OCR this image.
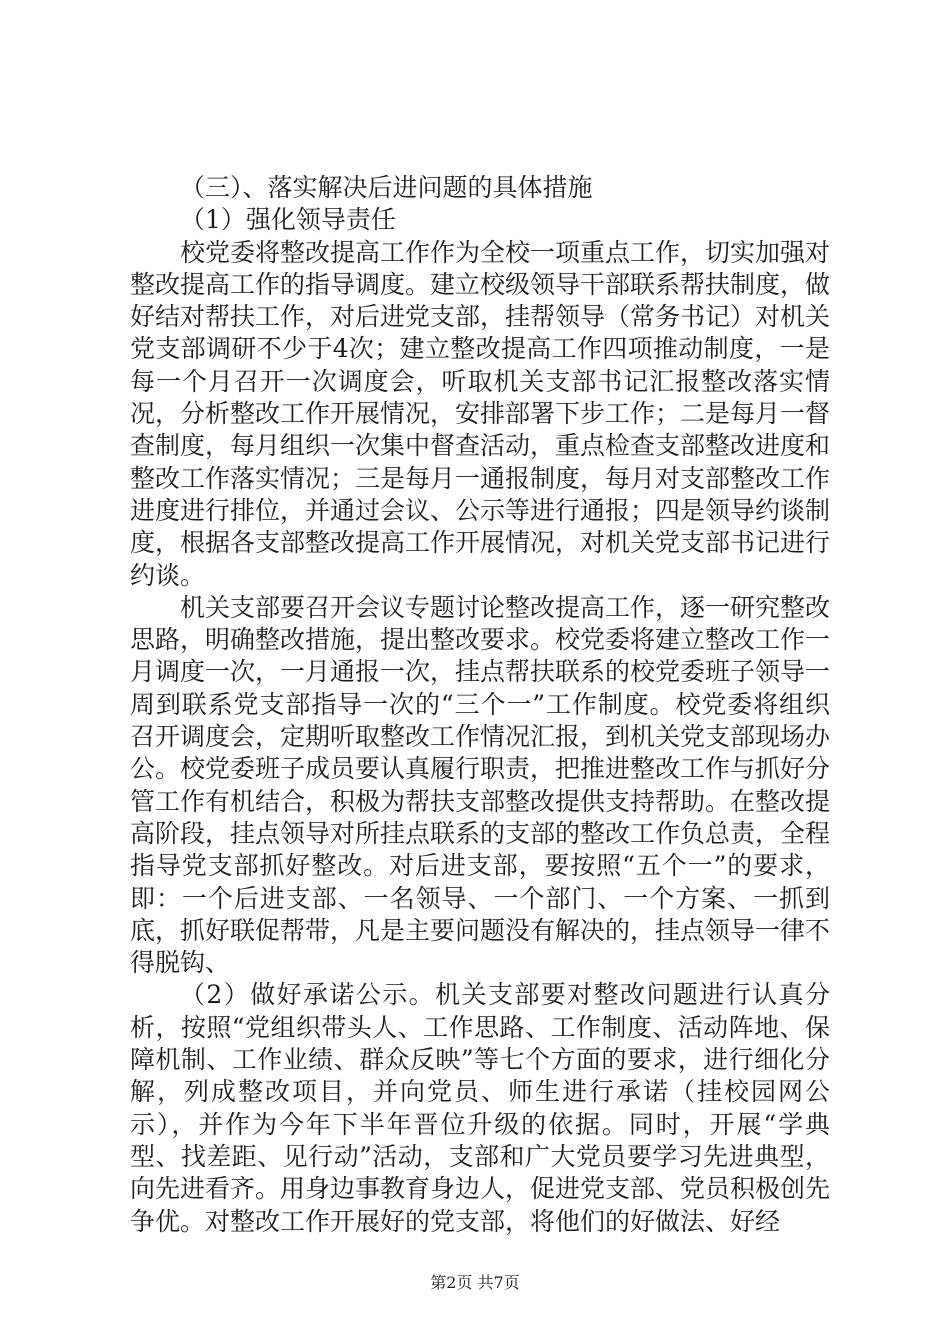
（三）、落实解决后进问题的具体措施

（1）强化领导责任

校党委将整改提高工作作为全校一项重点工作，切实加强对整改提高工作的指导调度。建立校级领导干部联系帮扶制度，做好结对帮扶工作，对后进党支部，挂帮领导（常务书记）对机关党支部调研不少于4次；建立整改提高工作四项推动制度，一是每一个月召开一次调度会，听取机关支部书记汇报整改落实情况，分析整改工作开展情况，安排部署下步工作；二是每月一督查制度，每月组织一次集中督查活动，重点检查支部整改进度和整改工作落实情况；三是每月一通报制度，每月对支部整改工作进度进行排位，并通过会议、公示等进行通报；四是领导约谈制度，根据各支部整改提高工作开展情况，对机关党支部书记进行约谈。

机关支部要召开会议专题讨论整改提高工作，逐一研究整改思路，明确整改措施，提出整改要求。校党委将建立整改工作一月调度一次，一月通报一次，挂点帮扶联系的校党委班子领导一周到联系党支部指导一次的“三个一”工作制度。校党委将组织召开调度会，定期听取整改工作情况汇报，到机关党支部现场办公。校党委班子成员要认真履行职责，把推进整改工作与抓好分管工作有机结合，积极为帮扶支部整改提供支持帮助。在整改提高阶段，挂点领导对所挂点联系的支部的整改工作负总责，全程指导党支部抓好整改。对后进支部，要按照“五个一”的要求，即：一个后进支部、一名领导、一个部门、一个方案、一抓到底，抓好联促帮带，凡是主要问题没有解决的，挂点领导一律不得脱钩、

（2）做好承诺公示。机关支部要对整改问题进行认真分析，按照“党组织带头人、工作思路、工作制度、活动阵地、保障机制、工作业绩、群众反映”等七个方面的要求，进行细化分解，列成整改项目，并向党员、师生进行承诺（挂校园网公示），并作为今年下半年晋位升级的依据。同时，开展“学典型、找差距、见行动”活动，支部和广大党员要学习先进典型，向先进看齐。用身边事教育身边人，促进党支部、党员积极创先争优。对整改工作开展好的党支部，将他们的好做法、好经

第2页 共7页
